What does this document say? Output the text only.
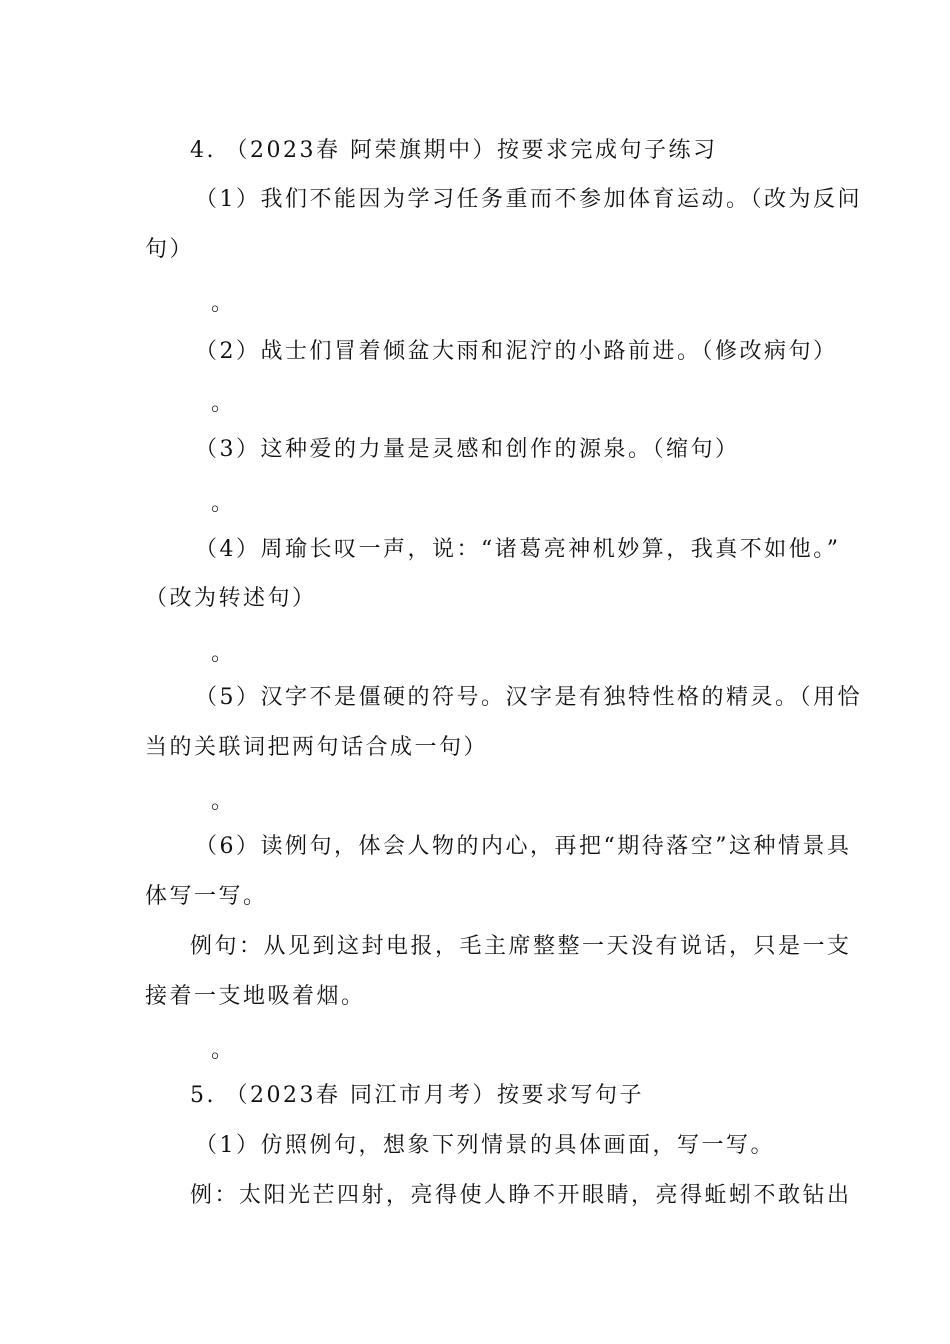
4. （2023春 阿荣旗期中）按要求完成句子练习
（1）我们不能因为学习任务重而不参加体育运动。（改为反问
句）
。
（2）战士们冒着倾盆大雨和泥泞的小路前进。（修改病句）
。
（3）这种爱的力量是灵感和创作的源泉。（缩句）
。
（4）周瑜长叹一声，说：“诸葛亮神机妙算，我真不如他。”
（改为转述句）
。
（5）汉字不是僵硬的符号。汉字是有独特性格的精灵。（用恰
当的关联词把两句话合成一句）
。
（6）读例句，体会人物的内心，再把“期待落空”这种情景具
体写一写。
例句：从见到这封电报，毛主席整整一天没有说话，只是一支
接着一支地吸着烟。
。
5. （2023春 同江市月考）按要求写句子
（1）仿照例句，想象下列情景的具体画面，写一写。
例：太阳光芒四射，亮得使人睁不开眼睛，亮得蚯蚓不敢钻出
